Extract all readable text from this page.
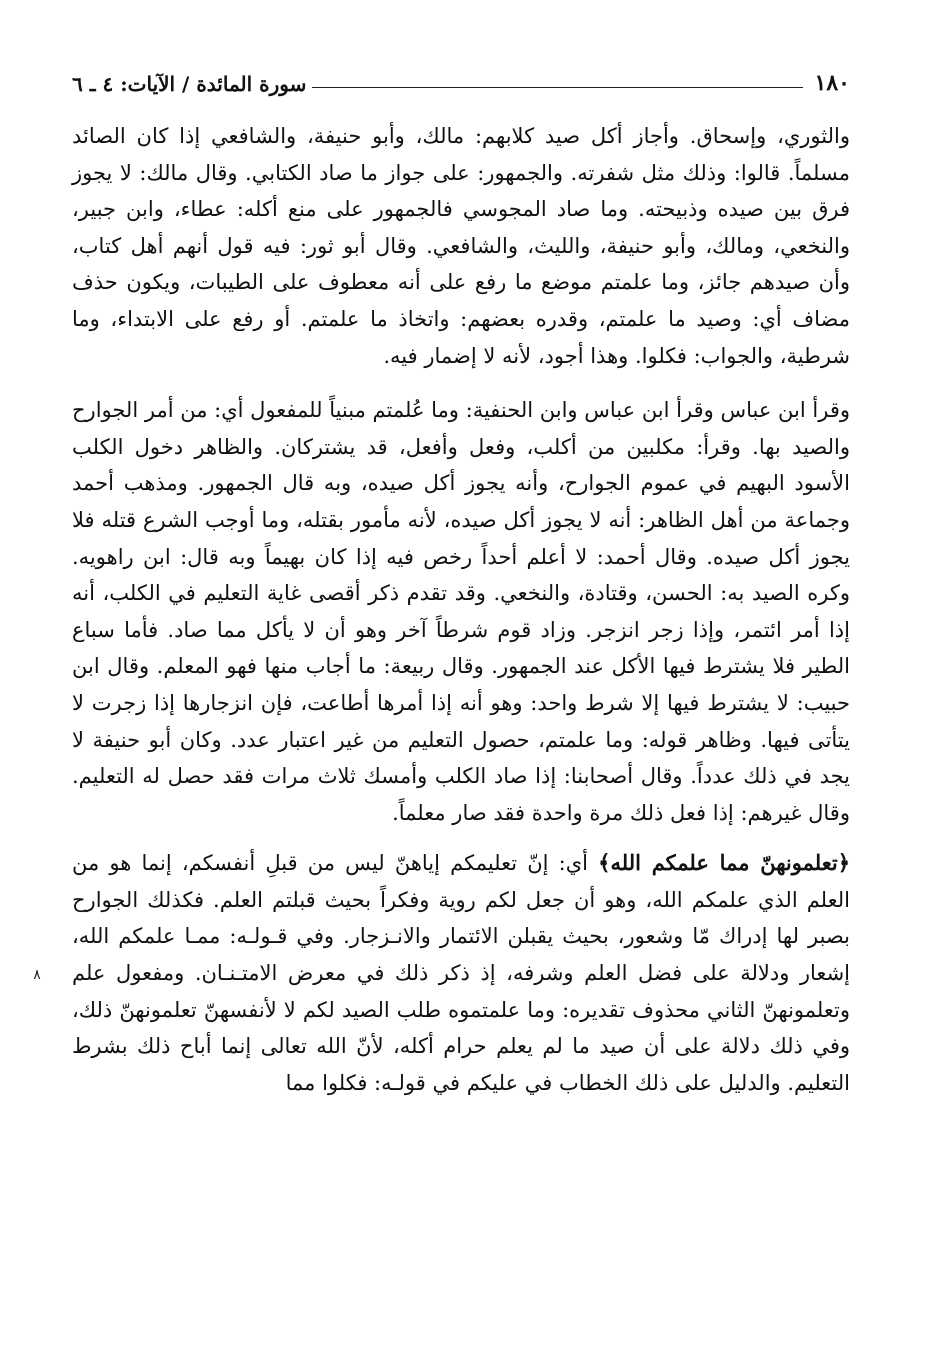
١٨٠
سورة المائدة / الآيات: ٤ ـ ٦

والثوري، وإسحاق. وأجاز أكل صيد كلابهم: مالك، وأبو حنيفة، والشافعي إذا كان الصائد مسلماً. قالوا: وذلك مثل شفرته. والجمهور: على جواز ما صاد الكتابي. وقال مالك: لا يجوز فرق بين صيده وذبيحته. وما صاد المجوسي فالجمهور على منع أكله: عطاء، وابن جبير، والنخعي، ومالك، وأبو حنيفة، والليث، والشافعي. وقال أبو ثور: فيه قول أنهم أهل كتاب، وأن صيدهم جائز، وما علمتم موضع ما رفع على أنه معطوف على الطيبات، ويكون حذف مضاف أي: وصيد ما علمتم، وقدره بعضهم: واتخاذ ما علمتم. أو رفع على الابتداء، وما شرطية، والجواب: فكلوا. وهذا أجود، لأنه لا إضمار فيه.

وقرأ ابن عباس وقرأ ابن عباس وابن الحنفية: وما عُلمتم مبنياً للمفعول أي: من أمر الجوارح والصيد بها. وقرأ: مكلبين من أكلب، وفعل وأفعل، قد يشتركان. والظاهر دخول الكلب الأسود البهيم في عموم الجوارح، وأنه يجوز أكل صيده، وبه قال الجمهور. ومذهب أحمد وجماعة من أهل الظاهر: أنه لا يجوز أكل صيده، لأنه مأمور بقتله، وما أوجب الشرع قتله فلا يجوز أكل صيده. وقال أحمد: لا أعلم أحداً رخص فيه إذا كان بهيماً وبه قال: ابن راهويه. وكره الصيد به: الحسن، وقتادة، والنخعي. وقد تقدم ذكر أقصى غاية التعليم في الكلب، أنه إذا أمر ائتمر، وإذا زجر انزجر. وزاد قوم شرطاً آخر وهو أن لا يأكل مما صاد. فأما سباع الطير فلا يشترط فيها الأكل عند الجمهور. وقال ربيعة: ما أجاب منها فهو المعلم. وقال ابن حبيب: لا يشترط فيها إلا شرط واحد: وهو أنه إذا أمرها أطاعت، فإن انزجارها إذا زجرت لا يتأتى فيها. وظاهر قوله: وما علمتم، حصول التعليم من غير اعتبار عدد. وكان أبو حنيفة لا يجد في ذلك عدداً. وقال أصحابنا: إذا صاد الكلب وأمسك ثلاث مرات فقد حصل له التعليم. وقال غيرهم: إذا فعل ذلك مرة واحدة فقد صار معلماً.

﴿تعلمونهنّ مما علمكم الله﴾ أي: إنّ تعليمكم إياهنّ ليس من قبلِ أنفسكم، إنما هو من العلم الذي علمكم الله، وهو أن جعل لكم روية وفكراً بحيث قبلتم العلم. فكذلك الجوارح بصبر لها إدراك مّا وشعور، بحيث يقبلن الائتمار والانـزجار. وفي قـولـه: ممـا علمكم الله، إشعار ودلالة على فضل العلم وشرفه، إذ ذكر ذلك في معرض الامتـنـان. ومفعول علم وتعلمونهنّ الثاني محذوف تقديره: وما علمتموه طلب الصيد لكم لا لأنفسهنّ تعلمونهنّ ذلك، وفي ذلك دلالة على أن صيد ما لم يعلم حرام أكله، لأنّ الله تعالى إنما أباح ذلك بشرط التعليم. والدليل على ذلك الخطاب في عليكم في قولـه: فكلوا مما

٨
